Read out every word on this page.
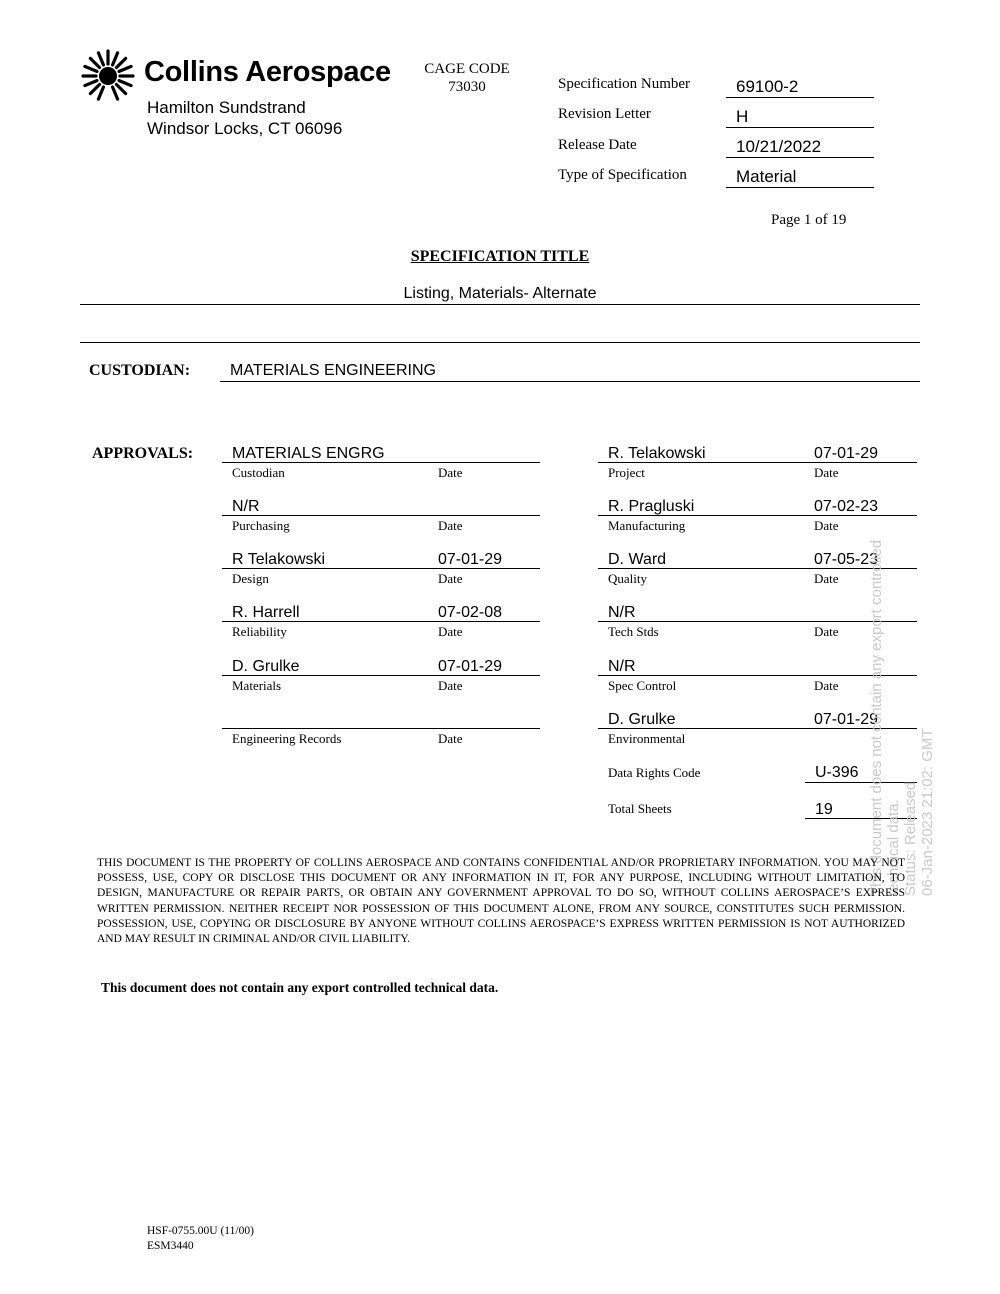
Collins Aerospace
Hamilton Sundstrand
Windsor Locks, CT 06096
CAGE CODE
73030	Specification Number	69100-2
Revision Letter	H
Release Date	10/21/2022
Type of Specification	Material
Page 1 of 19
SPECIFICATION TITLE
Listing, Materials- Alternate
CUSTODIAN: MATERIALS ENGINEERING
APPROVALS: MATERIALS ENGRG
Custodian	Date
N/R
Purchasing	Date
R Telakowski	07-01-29
Design	Date
R. Harrell	07-02-08
Reliability	Date
D. Grulke	07-01-29
Materials	Date
Engineering Records	Date
R. Telakowski	07-01-29
Project	Date
R. Pragluski	07-02-23
Manufacturing	Date
D. Ward	07-05-23
Quality	Date
N/R
Tech Stds	Date
N/R
Spec Control	Date
D. Grulke	07-01-29
Environmental
Data Rights Code	U-396
Total Sheets	19 This document does not contain any export controlled technical data. Status: Released 06-Jan-2023 21:02: GMT
THIS DOCUMENT IS THE PROPERTY OF COLLINS AEROSPACE AND CONTAINS CONFIDENTIAL AND/OR PROPRIETARY INFORMATION. YOU MAY NOT POSSESS, USE, COPY OR DISCLOSE THIS DOCUMENT OR ANY INFORMATION IN IT, FOR ANY PURPOSE, INCLUDING WITHOUT LIMITATION, TO DESIGN, MANUFACTURE OR REPAIR PARTS, OR OBTAIN ANY GOVERNMENT APPROVAL TO DO SO, WITHOUT COLLINS AEROSPACE’S EXPRESS WRITTEN PERMISSION. NEITHER RECEIPT NOR POSSESSION OF THIS DOCUMENT ALONE, FROM ANY SOURCE, CONSTITUTES SUCH PERMISSION. POSSESSION, USE, COPYING OR DISCLOSURE BY ANYONE WITHOUT COLLINS AEROSPACE’S EXPRESS WRITTEN PERMISSION IS NOT AUTHORIZED AND MAY RESULT IN CRIMINAL AND/OR CIVIL LIABILITY.
This document does not contain any export controlled technical data.
HSF-0755.00U (11/00)
ESM3440
